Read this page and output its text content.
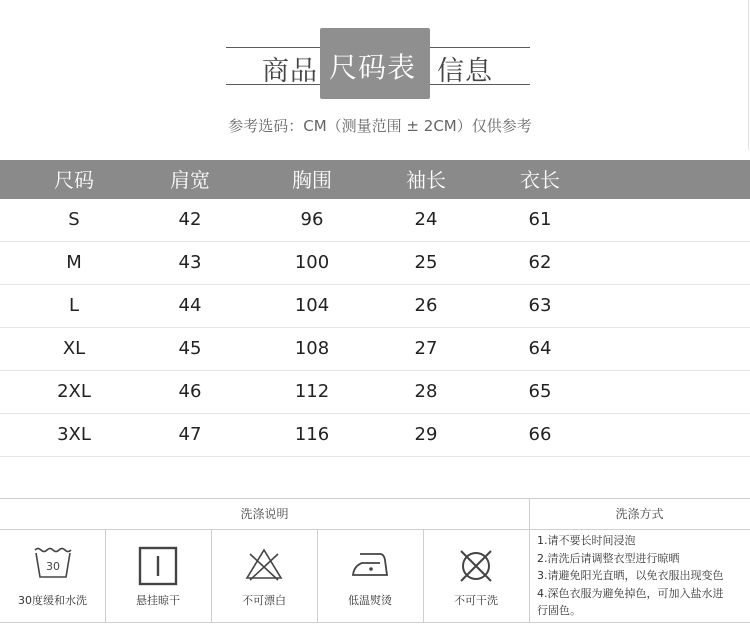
商品 尺码表 信息
参考选码：CM（测量范围 ± 2CM）仅供参考
尺码	肩宽	胸围	袖长	衣长
S	42	96	24	61
M	43	100	25	62
L	44	104	26	63
XL	45	108	27	64
2XL	46	112	28	65
3XL	47	116	29	66
洗涤说明	洗涤方式
30
30度缓和水洗	悬挂晾干	不可漂白	低温熨烫	不可干洗
1.请不要长时间浸泡
2.清洗后请调整衣型进行晾晒
3.请避免阳光直晒，以免衣服出现变色
4.深色衣服为避免掉色，可加入盐水进
行固色。
